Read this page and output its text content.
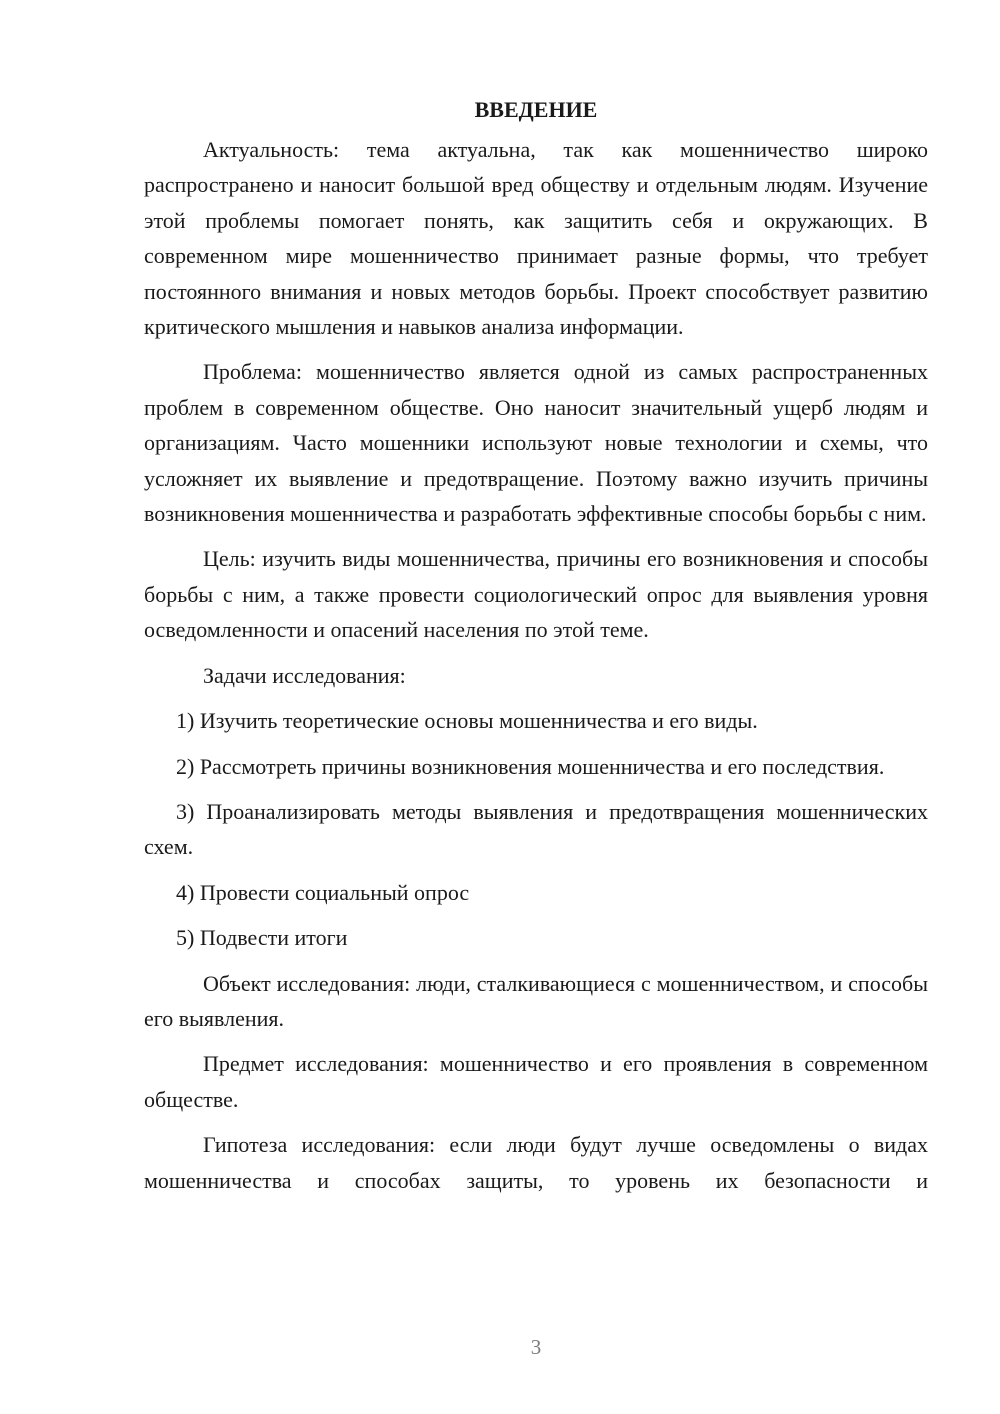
ВВЕДЕНИЕ

Актуальность: тема актуальна, так как мошенничество широко распространено и наносит большой вред обществу и отдельным людям. Изучение этой проблемы помогает понять, как защитить себя и окружающих. В современном мире мошенничество принимает разные формы, что требует постоянного внимания и новых методов борьбы. Проект способствует развитию критического мышления и навыков анализа информации.

Проблема: мошенничество является одной из самых распространенных проблем в современном обществе. Оно наносит значительный ущерб людям и организациям. Часто мошенники используют новые технологии и схемы, что усложняет их выявление и предотвращение. Поэтому важно изучить причины возникновения мошенничества и разработать эффективные способы борьбы с ним.

Цель: изучить виды мошенничества, причины его возникновения и способы борьбы с ним, а также провести социологический опрос для выявления уровня осведомленности и опасений населения по этой теме.

Задачи исследования:

1) Изучить теоретические основы мошенничества и его виды.

2) Рассмотреть причины возникновения мошенничества и его последствия.

3) Проанализировать методы выявления и предотвращения мошеннических схем.

4) Провести социальный опрос

5) Подвести итоги

Объект исследования: люди, сталкивающиеся с мошенничеством, и способы его выявления.

Предмет исследования: мошенничество и его проявления в современном обществе.

Гипотеза исследования: если люди будут лучше осведомлены о видах мошенничества и способах защиты, то уровень их безопасности и

3
